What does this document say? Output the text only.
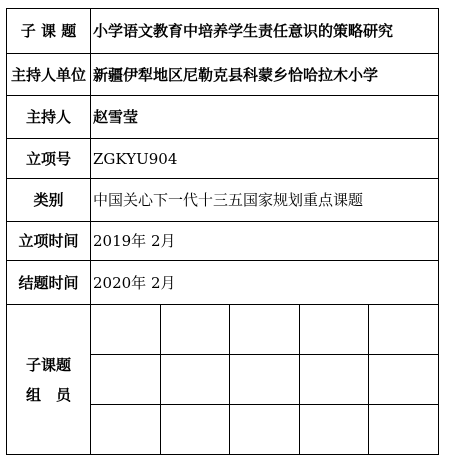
子 课 题	小学语文教育中培养学生责任意识的策略研究
主持人单位	新疆伊犁地区尼勒克县科蒙乡恰哈拉木小学
主持人	赵雪莹
立项号	ZGKYU904
类别	中国关心下一代十三五国家规划重点课题
立项时间	2019年 2月
结题时间	2020年 2月

子课题
组　员
